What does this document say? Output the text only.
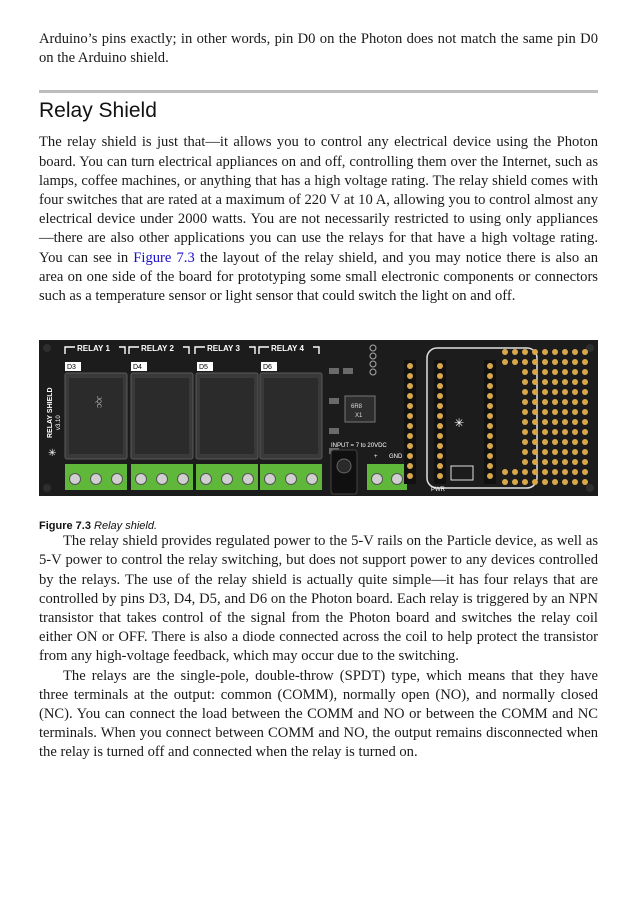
Arduino’s pins exactly; in other words, pin D0 on the Photon does not match the same pin D0 on the Arduino shield.

Relay Shield

The relay shield is just that—it allows you to control any electrical device using the Photon board. You can turn electrical appliances on and off, controlling them over the Internet, such as lamps, coffee machines, or anything that has a high voltage rating. The relay shield comes with four switches that are rated at a maximum of 220 V at 10 A, allowing you to control almost any electrical device under 2000 watts. You are not necessarily restricted to using only appliances—there are also other applications you can use the relays for that have a high voltage rating. You can see in Figure 7.3 the layout of the relay shield, and you may notice there is also an area on one side of the board for prototyping some small electronic components or connectors such as a temperature sensor or light sensor that could switch the light on and off.

RELAY SHIELD v3.10
✳
RELAY 1
D3
JQC
RELAY 2
D4
RELAY 3
D5
RELAY 4
D6
6R8
X1
INPUT = 7 to 20VDC
+ GND
✳
PWR
Figure 7.3 Relay shield.

The relay shield provides regulated power to the 5-V rails on the Particle device, as well as 5-V power to control the relay switching, but does not support power to any devices controlled by the relays. The use of the relay shield is actually quite simple—it has four relays that are controlled by pins D3, D4, D5, and D6 on the Photon board. Each relay is triggered by an NPN transistor that takes control of the signal from the Photon board and switches the relay coil either ON or OFF. There is also a diode connected across the coil to help protect the transistor from any high-voltage feedback, which may occur due to the switching.

The relays are the single-pole, double-throw (SPDT) type, which means that they have three terminals at the output: common (COMM), normally open (NO), and normally closed (NC). You can connect the load between the COMM and NO or between the COMM and NC terminals. When you connect between COMM and NO, the output remains disconnected when the relay is turned off and connected when the relay is turned on.
